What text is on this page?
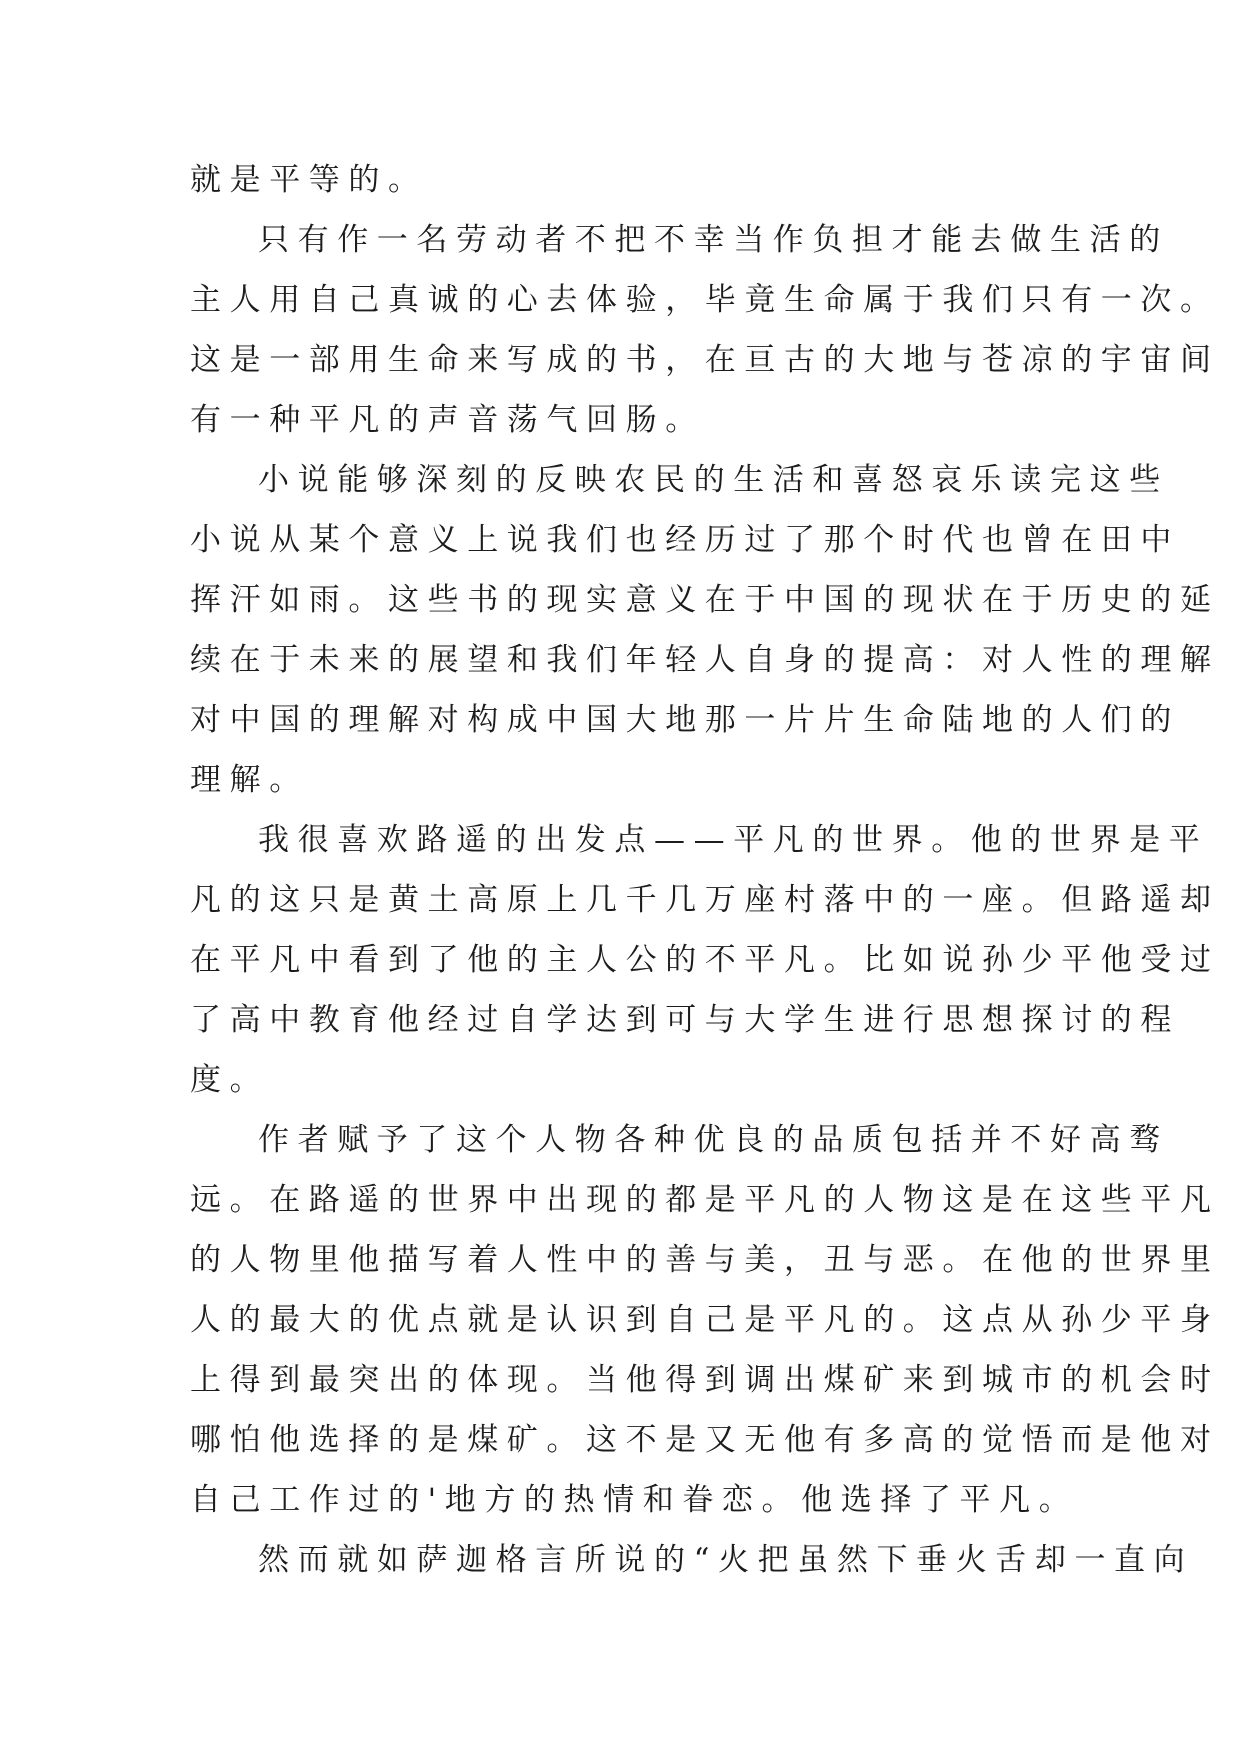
就是平等的。
只有作一名劳动者不把不幸当作负担才能去做生活的
主人用自己真诚的心去体验，毕竟生命属于我们只有一次。
这是一部用生命来写成的书，在亘古的大地与苍凉的宇宙间
有一种平凡的声音荡气回肠。
小说能够深刻的反映农民的生活和喜怒哀乐读完这些
小说从某个意义上说我们也经历过了那个时代也曾在田中
挥汗如雨。这些书的现实意义在于中国的现状在于历史的延
续在于未来的展望和我们年轻人自身的提高：对人性的理解
对中国的理解对构成中国大地那一片片生命陆地的人们的
理解。
我很喜欢路遥的出发点——平凡的世界。他的世界是平
凡的这只是黄土高原上几千几万座村落中的一座。但路遥却
在平凡中看到了他的主人公的不平凡。比如说孙少平他受过
了高中教育他经过自学达到可与大学生进行思想探讨的程
度。
作者赋予了这个人物各种优良的品质包括并不好高骛
远。在路遥的世界中出现的都是平凡的人物这是在这些平凡
的人物里他描写着人性中的善与美，丑与恶。在他的世界里
人的最大的优点就是认识到自己是平凡的。这点从孙少平身
上得到最突出的体现。当他得到调出煤矿来到城市的机会时
哪怕他选择的是煤矿。这不是又无他有多高的觉悟而是他对
自己工作过的'地方的热情和眷恋。他选择了平凡。
然而就如萨迦格言所说的“火把虽然下垂火舌却一直向
